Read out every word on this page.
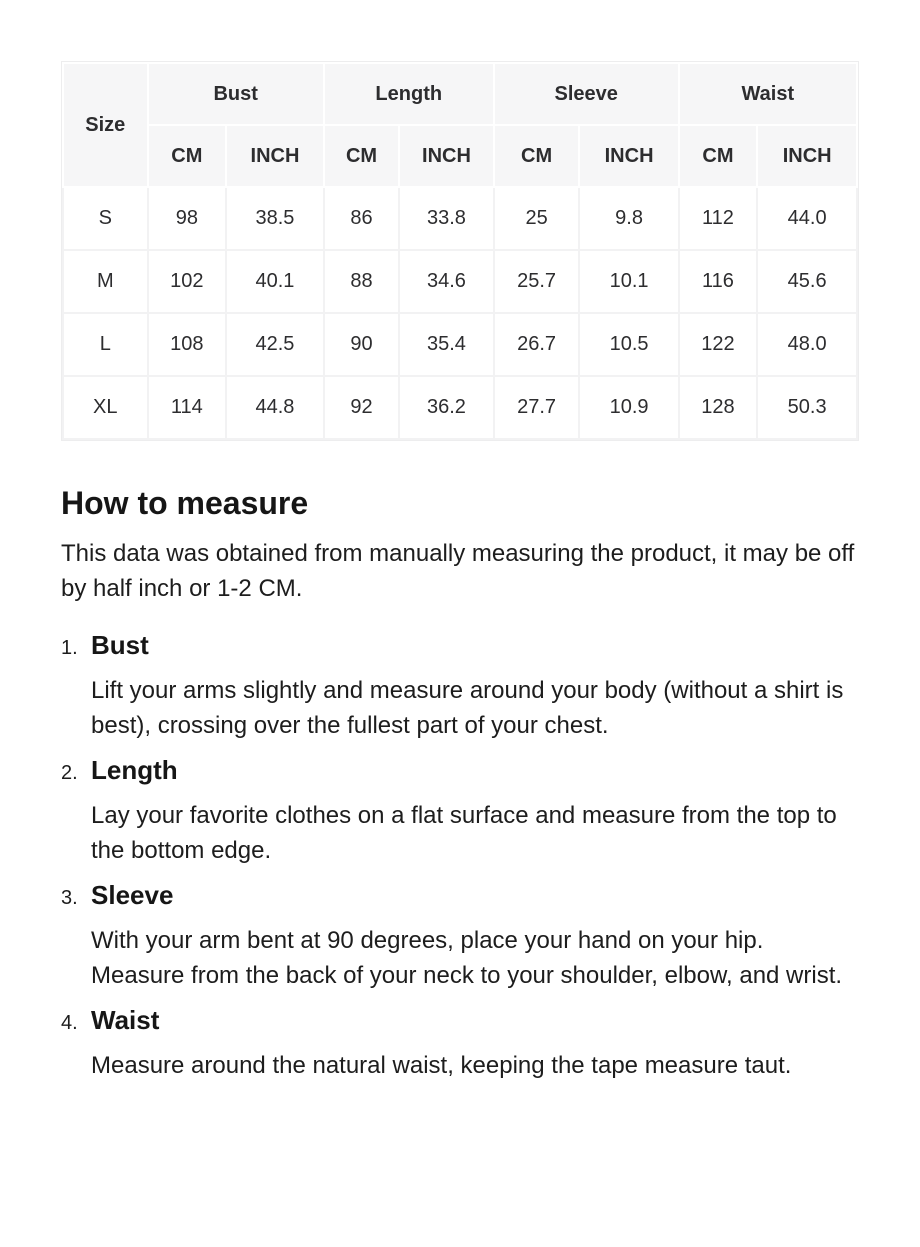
Size	Bust		Length		Sleeve		Waist	
	CM	INCH	CM	INCH	CM	INCH	CM	INCH
S	98	38.5	86	33.8	25	9.8	112	44.0
M	102	40.1	88	34.6	25.7	10.1	116	45.6
L	108	42.5	90	35.4	26.7	10.5	122	48.0
XL	114	44.8	92	36.2	27.7	10.9	128	50.3
How to measure

This data was obtained from manually measuring the product, it may be off by half inch or 1-2 CM.

1. Bust

Lift your arms slightly and measure around your body (without a shirt is best), crossing over the fullest part of your chest.

2. Length

Lay your favorite clothes on a flat surface and measure from the top to the bottom edge.

3. Sleeve

With your arm bent at 90 degrees, place your hand on your hip. Measure from the back of your neck to your shoulder, elbow, and wrist.

4. Waist

Measure around the natural waist, keeping the tape measure taut.
